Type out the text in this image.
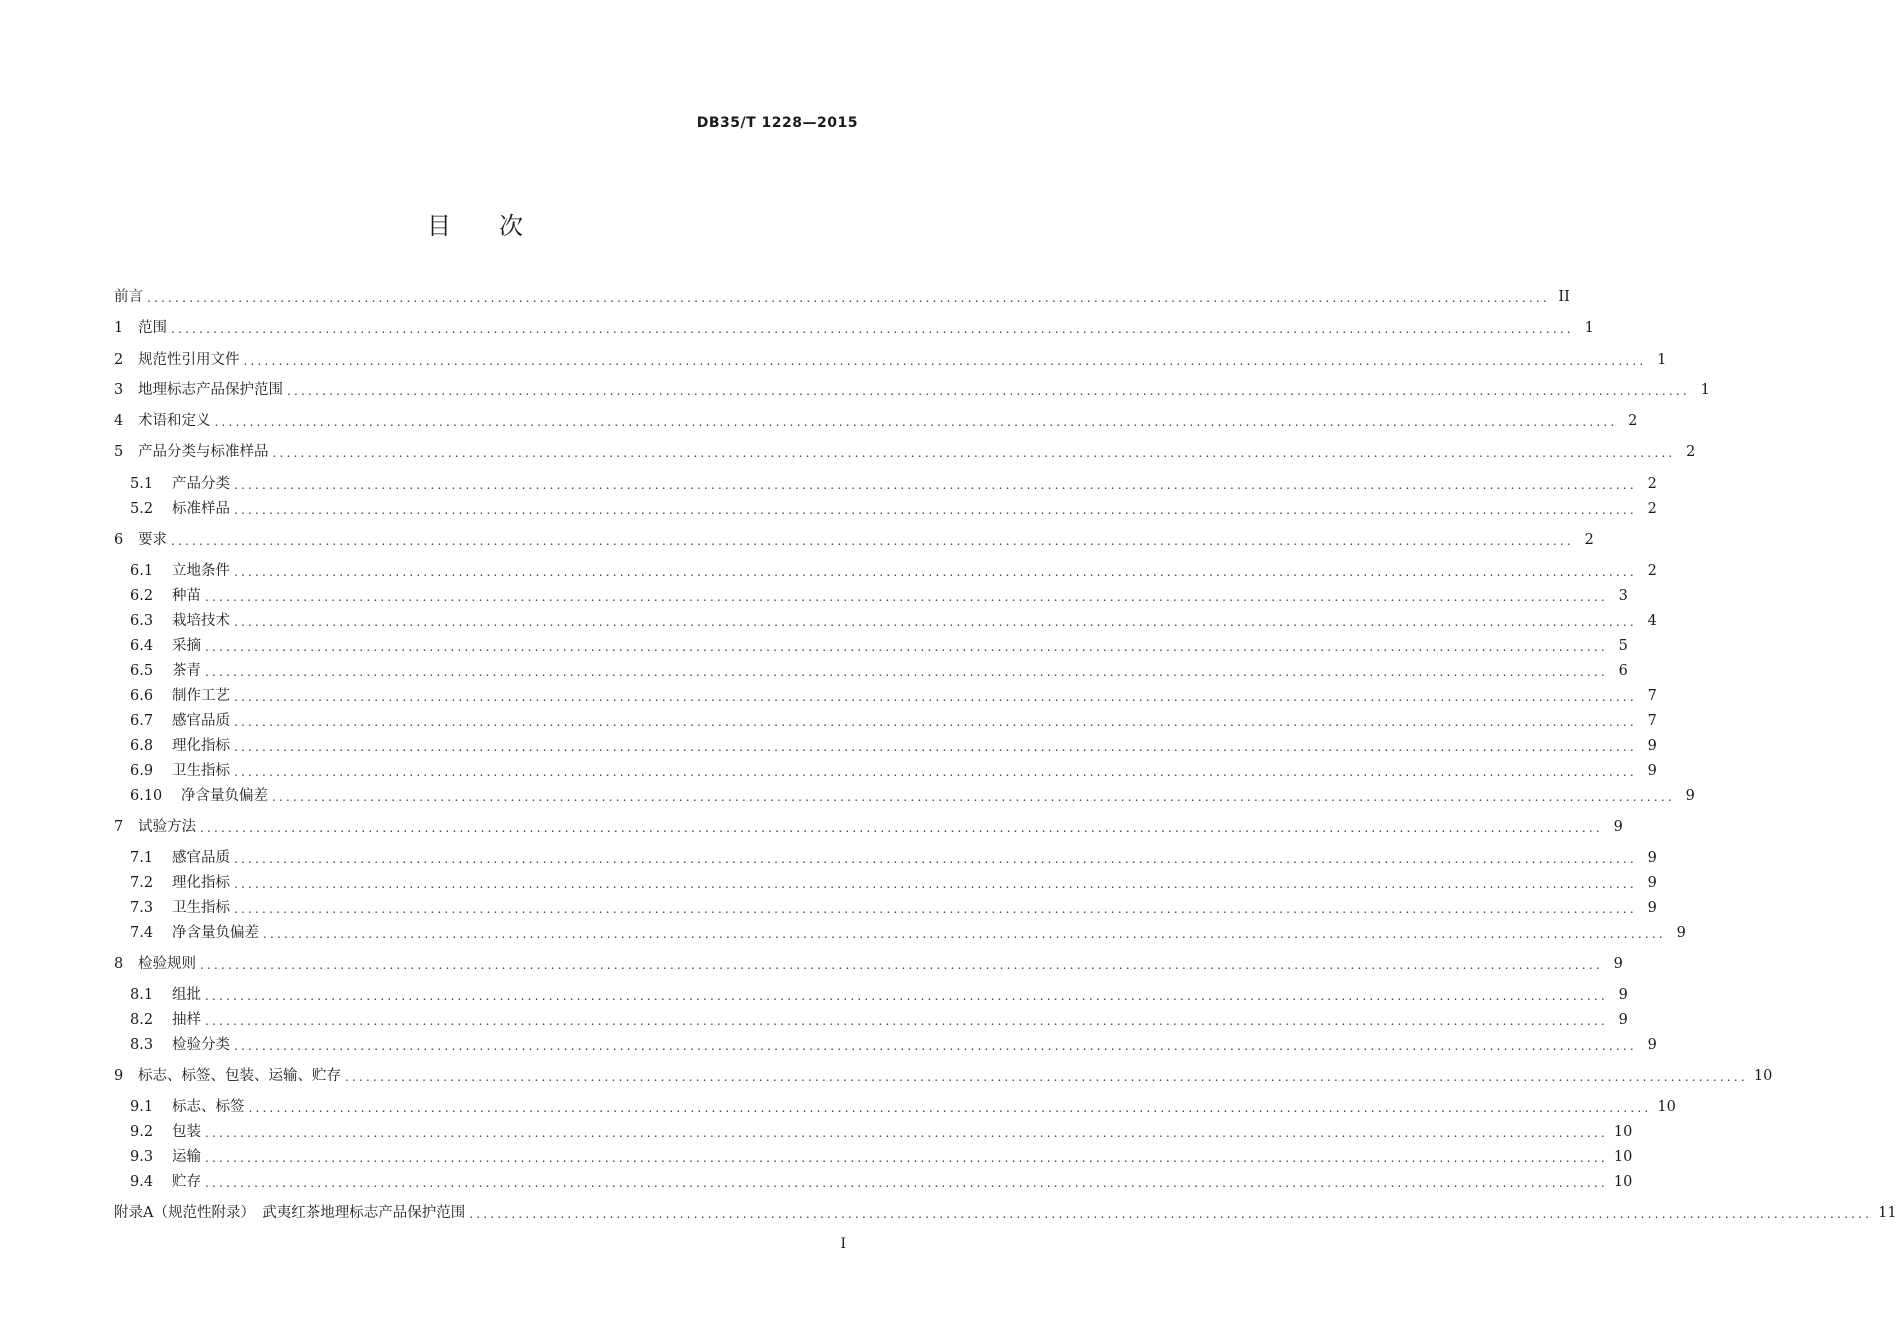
DB35/T 1228—2015
目　　次
前言 ........................................................................................................................................................................................................ II
1	范围 ........................................................................................................................................................................................................ 1
2	规范性引用文件 ........................................................................................................................................................................................................ 1
3	地理标志产品保护范围 ........................................................................................................................................................................................................ 1
4	术语和定义 ........................................................................................................................................................................................................ 2
5	产品分类与标准样品 ........................................................................................................................................................................................................ 2
5.1	产品分类 ........................................................................................................................................................................................................ 2
5.2	标准样品 ........................................................................................................................................................................................................ 2
6	要求 ........................................................................................................................................................................................................ 2
6.1	立地条件 ........................................................................................................................................................................................................ 2
6.2	种苗 ........................................................................................................................................................................................................ 3
6.3	栽培技术 ........................................................................................................................................................................................................ 4
6.4	采摘 ........................................................................................................................................................................................................ 5
6.5	茶青 ........................................................................................................................................................................................................ 6
6.6	制作工艺 ........................................................................................................................................................................................................ 7
6.7	感官品质 ........................................................................................................................................................................................................ 7
6.8	理化指标 ........................................................................................................................................................................................................ 9
6.9	卫生指标 ........................................................................................................................................................................................................ 9
6.10	净含量负偏差 ........................................................................................................................................................................................................ 9
7	试验方法 ........................................................................................................................................................................................................ 9
7.1	感官品质 ........................................................................................................................................................................................................ 9
7.2	理化指标 ........................................................................................................................................................................................................ 9
7.3	卫生指标 ........................................................................................................................................................................................................ 9
7.4	净含量负偏差 ........................................................................................................................................................................................................ 9
8	检验规则 ........................................................................................................................................................................................................ 9
8.1	组批 ........................................................................................................................................................................................................ 9
8.2	抽样 ........................................................................................................................................................................................................ 9
8.3	检验分类 ........................................................................................................................................................................................................ 9
9	标志、标签、包装、运输、贮存 ........................................................................................................................................................................................................ 10
9.1	标志、标签 ........................................................................................................................................................................................................ 10
9.2	包装 ........................................................................................................................................................................................................ 10
9.3	运输 ........................................................................................................................................................................................................ 10
9.4	贮存 ........................................................................................................................................................................................................ 10
附录A（规范性附录）　武夷红茶地理标志产品保护范围 ........................................................................................................................................................................................................ 11
I
